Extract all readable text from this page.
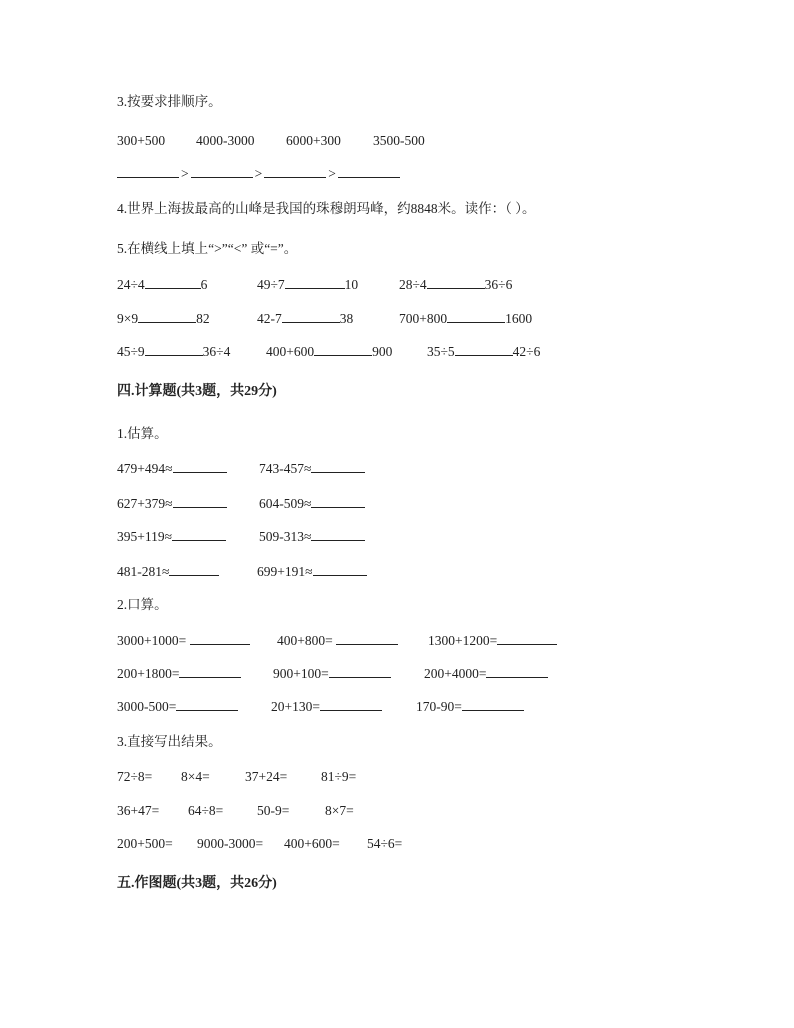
3.按要求排顺序。
300+500 4000-3000 6000+300 3500-500
>	>	>
4.世界上海拔最高的山峰是我国的珠穆朗玛峰，约8848米。读作：（ ）。
5.在横线上填上“>”“<” 或“=”。
24÷4	6	49÷7	10	28÷4	36÷6
9×9	82	42-7	38	700+800	1600
45÷9	36÷4	400+600	900	35÷5	42÷6
四.计算题(共3题，共29分)
1.估算。
479+494≈	743-457≈
627+379≈	604-509≈
395+119≈	509-313≈
481-281≈	699+191≈
2.口算。
3000+1000=	400+800=	1300+1200=
200+1800=	900+100=	200+4000=
3000-500=	20+130=	170-90=
3.直接写出结果。
72÷8= 8×4=	37+24=	81÷9=
36+47= 64÷8= 50-9=	8×7=
200+500= 9000-3000= 400+600= 54÷6=
五.作图题(共3题，共26分)
